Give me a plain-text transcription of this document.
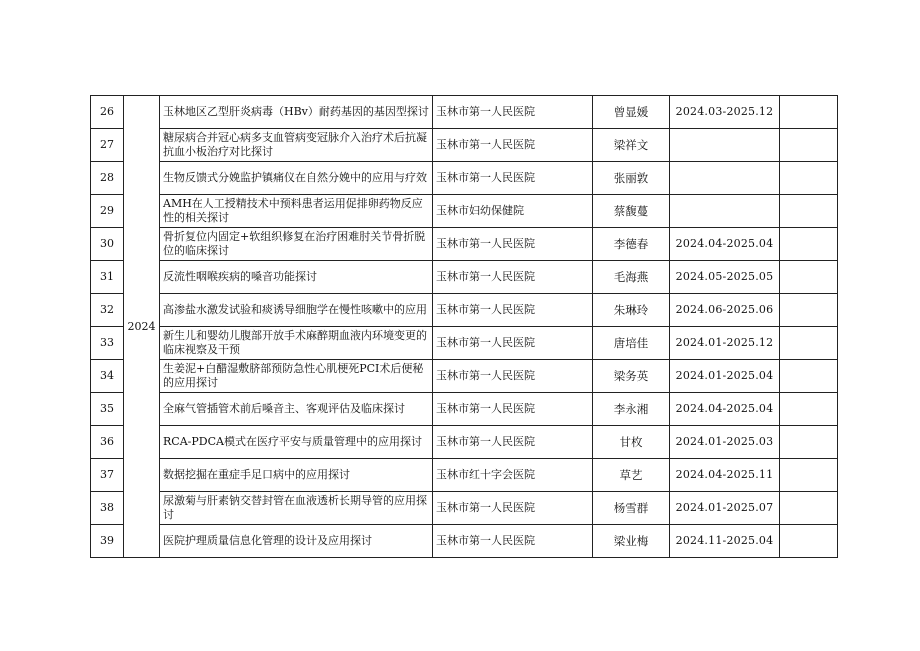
26	2024	玉林地区乙型肝炎病毒（HBv）耐药基因的基因型探讨	玉林市第一人民医院	曾显媛	2024.03-2025.12	
27		糖尿病合并冠心病多支血管病变冠脉介入治疗术后抗凝抗血小板治疗对比探讨	玉林市第一人民医院	梁祥文		
28		生物反馈式分娩监护镇痛仪在自然分娩中的应用与疗效	玉林市第一人民医院	张丽敦		
29		AMH在人工授精技术中预料患者运用促排卵药物反应性的相关探讨	玉林市妇幼保健院	蔡馥蔓		
30		骨折复位内固定+软组织修复在治疗困难肘关节骨折脱位的临床探讨	玉林市第一人民医院	李德春	2024.04-2025.04	
31		反流性咽喉疾病的嗓音功能探讨	玉林市第一人民医院	毛海燕	2024.05-2025.05	
32		高渗盐水激发试验和痰诱导细胞学在慢性咳嗽中的应用	玉林市第一人民医院	朱琳玲	2024.06-2025.06	
33		新生儿和婴幼儿腹部开放手术麻醉期血液内环境变更的临床视察及干预	玉林市第一人民医院	唐培佳	2024.01-2025.12	
34		生姜泥+白醋湿敷脐部预防急性心肌梗死PCI术后便秘的应用探讨	玉林市第一人民医院	梁务英	2024.01-2025.04	
35		全麻气管插管术前后嗓音主、客观评估及临床探讨	玉林市第一人民医院	李永湘	2024.04-2025.04	
36		RCA-PDCA模式在医疗平安与质量管理中的应用探讨	玉林市第一人民医院	甘枚	2024.01-2025.03	
37		数据挖掘在重症手足口病中的应用探讨	玉林市红十字会医院	草艺	2024.04-2025.11	
38		尿激菊与肝素钠交替封管在血液透析长期导管的应用探讨	玉林市第一人民医院	杨雪群	2024.01-2025.07	
39		医院护理质量信息化管理的设计及应用探讨	玉林市第一人民医院	梁业梅	2024.11-2025.04	
